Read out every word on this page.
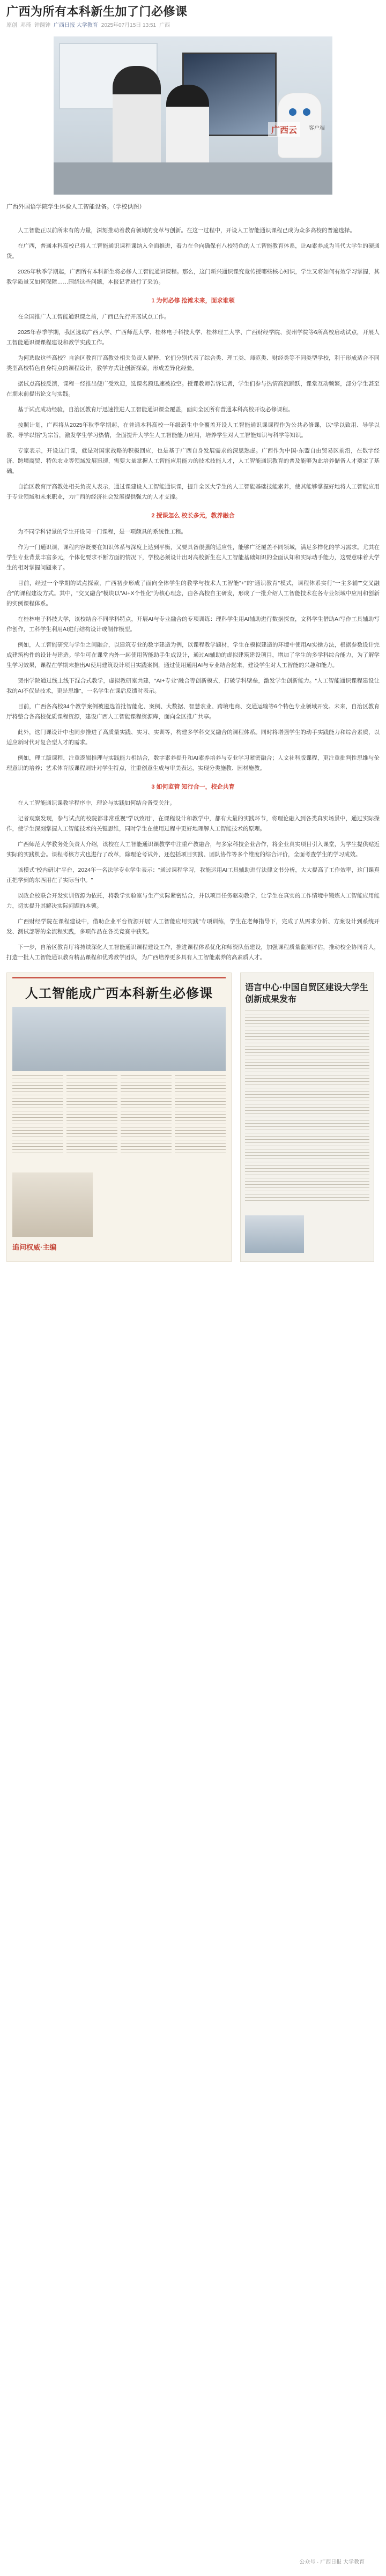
广西为所有本科新生加了门必修课
原创 邓琦 钟翻钟 广西日报 大学教育 2025年07月15日 13:51 广西
广西云	客户端

广西外国语学院学生体验人工智能设备。（学校供图）

人工智能正以前所未有的力量，深刻推动着教育领域的变革与创新。在这一过程中，开设人工智能通识课程已成为众多高校的普遍选择。

在广西，普通本科高校已将人工智能通识课程课纳入全面推进，着力在全向确保有八校特色的人工智能教育体系，让AI素养成为当代大学生的硬通货。

2025年秋季学期起，广西所有本科新生将必修人工智能通识课程。那么，这门新兴通识课究竟传授哪些核心知识，学生又将如何有效学习掌握，其教学质量又如何保障……围绕这些问题，本报记者进行了采访。

1 为何必修 抢滩未来，面求谁领

在全国推广人工智能通识课之前，广西已先行开展试点工作。

2025年春季学期，我区选取广西大学、广西师范大学、桂林电子科技大学、桂林理工大学、广西财经学院、贺州学院等6所高校启动试点，开展人工智能通识课课程建设和教学实践工作。

为何选取这些高校？自治区教育厅高教处相关负责人解释，它们分别代表了综合类、理工类、师范类、财经类等不同类型学校，利于形成适合不同类型高校特色自身特点的课程设计，教学方式让创新探索，形成差异化经验。

据试点高校反馈，课程一经推出便广受欢迎，选课名额迅速被抢空。授课教师告诉记者，学生们参与热情高涨踊跃，课堂互动频繁，部分学生甚至在期末前提出论文与实践。

基于试点成功经验，自治区教育厅迅速推进人工智能通识课全覆盖，面向全区所有普通本科高校开设必修课程。

按照计划，广西将从2025年秋季学期起，在普通本科高校一年级新生中全覆盖开设人工智能通识课课程作为公共必修课，以“学以致用、导学以教、导学以悟”为宗旨，激发学生学习热情，全面提升大学生人工智能能力应用，培养学生对人工智能知识与科学等知识。

专家表示，开设这门课，就是对国家战略的积极回应，也是基于广西自身发展需求的深思熟虑。广西作为中国-东盟自由贸易区前沿，在数字经济、跨境商贸、特色农业等领域发展迅速，需要大量掌握人工智能应用能力的技术技能人才，人工智能通识教育的普及能够为此培养储备人才奠定了基础。

自治区教育厅高教处相关负责人表示，通过课建设人工智能通识课，提升全区大学生的人工智能基础技能素养，使其能够掌握好地将人工智能应用于专业领域和未来职业，力广西的经济社会发展提供强大的人才支撑。

2 授课怎么 校长多元，教养融合

为不同学科背景的学生开设同一门课程，是一项颇具的系统性工程。

作为一门通识课，课程内容既要在知识体系与深度上达到平衡，又要具备很强的适应性，能够广泛覆盖不同领域，满足多样化的学习需求。尤其在学生专业背景丰富多元，个体化要求不断方面的情况下，学校必须设计出对高校新生在人工智能基础知识的全面认知和实际动手能力，这要意味着大学生的相对掌握问题来了。

目前，经过一个学期的试点探索，广西初步形成了面向全体学生的教学与技术人工智能"+"的"通识教育"模式，课程体系实行"一主多辅""交叉融合"的课程建设方式。其中，"交叉融合"模块以"AI+X个性化"为核心理念，由各高校自主研发，形成了一批介绍人工智能技术在各专业领域中应用和创新的实例课程体系。

在桂林电子科技大学，该校结合不同学科特点，开展AI与专业融合的专项训练：理科学生用AI辅助进行数据探查，文科学生借助AI写作工具辅助写作创作，工科学生利用AI进行结构设计或制作模型。

例如，人工智能研究与学生之间融合，以建筑专业的数字建造为例，以课程教学题材，学生在模拟建造的环境中使用AI实操方法，根据参数设计完成建筑构件的设计与建造。学生可在课堂内外一起使用智能助手生成设计，通过AI辅助的虚拟建筑建设项目，增加了学生的多学科综合能力，为了解学生学习效果，课程在学期末推出AI使用建筑设计项目实践案例，通过使用通用AI与专业结合起来，建设学生对人工智能的兴趣和能力。

贺州学院通过线上线下混合式教学，虚拟教研室共建，“AI+专业”融合等创新模式，打破学科壁垒，激发学生创新能力。“人工智能通识课程建设让我的AI不仅是技术，更是思维”，一名学生在课后反馈时表示。

目前，广西各高校34个教学案例被遴选首批智能化、案例、大数据、智慧农业、跨境电商、交通运输等6个特色专业领域开发。未来，自治区教育厅将整合各高校优质课程资源，建设广西人工智能课程资源库，面向全区推广共享。

此外，这门课设计中也同步推进了高质量实践、实习、实训等，构建多学科交叉融合的课程体系。同时将增强学生的动手实践能力和综合素质，以适应新时代对复合型人才的需求。

例如，理工版课程，注重逻辑推理与实践能力相结合，数字素养提升和AI素养培养与专业学习紧密融合；人文社科版课程，更注重批判性思维与伦理意识的培养；艺术体育版课程则针对学生特点，注重创意生成与审美表达，实现分类施教、因材施教。

3 如何监管 知行合一，校企共育

在人工智能通识课教学程序中，理论与实践如何结合备受关注。

记者观察发现，参与试点的校院都非常重视"学以致用"，在课程设计和教学中，都有大量的实践环节，将理论融入到各类真实场景中，通过实际操作，使学生深刻掌握人工智能技术的关键思维，同时学生在使用过程中更好地理解人工智能技术的原理。

广西师范大学教务处负责人介绍，该校在人工智能通识课教学中注重产教融合，与多家科技企业合作，将企业真实项目引入课堂，为学生提供贴近实际的实践机会。课程考核方式也进行了改革，除理论考试外，还包括项目实践、团队协作等多个维度的综合评价，全面考查学生的学习成效。

该模式"校内研讨"平台，2024年一名法学专业学生表示："通过课程学习，我能运用AI工具辅助进行法律文书分析，大大提高了工作效率，这门课真正把学到的东西用在了实际当中。"

以政企校联合开发实训资源为依托，将教学实验室与生产实际紧密结合，并以项目任务驱动教学，让学生在真实的工作情境中锻炼人工智能应用能力，切实提升其解决实际问题的本领。

广西财经学院在课程建设中，借助企业平台资源开展"人工智能应用实践"专项训练，学生在老师指导下，完成了从需求分析、方案设计到系统开发、测试部署的全流程实践，多项作品在各类竞赛中获奖。

下一步，自治区教育厅将持续深化人工智能通识课程建设工作，推进课程体系优化和师资队伍建设，加强课程质量监测评估，推动校企协同育人，打造一批人工智能通识教育精品课程和优秀教学团队，为广西培养更多具有人工智能素养的高素质人才。

人工智能成广西本科新生必修课
追问权威·主编
语言中心·中国自贸区建设大学生创新成果发布
公众号 · 广西日报 大学教育
